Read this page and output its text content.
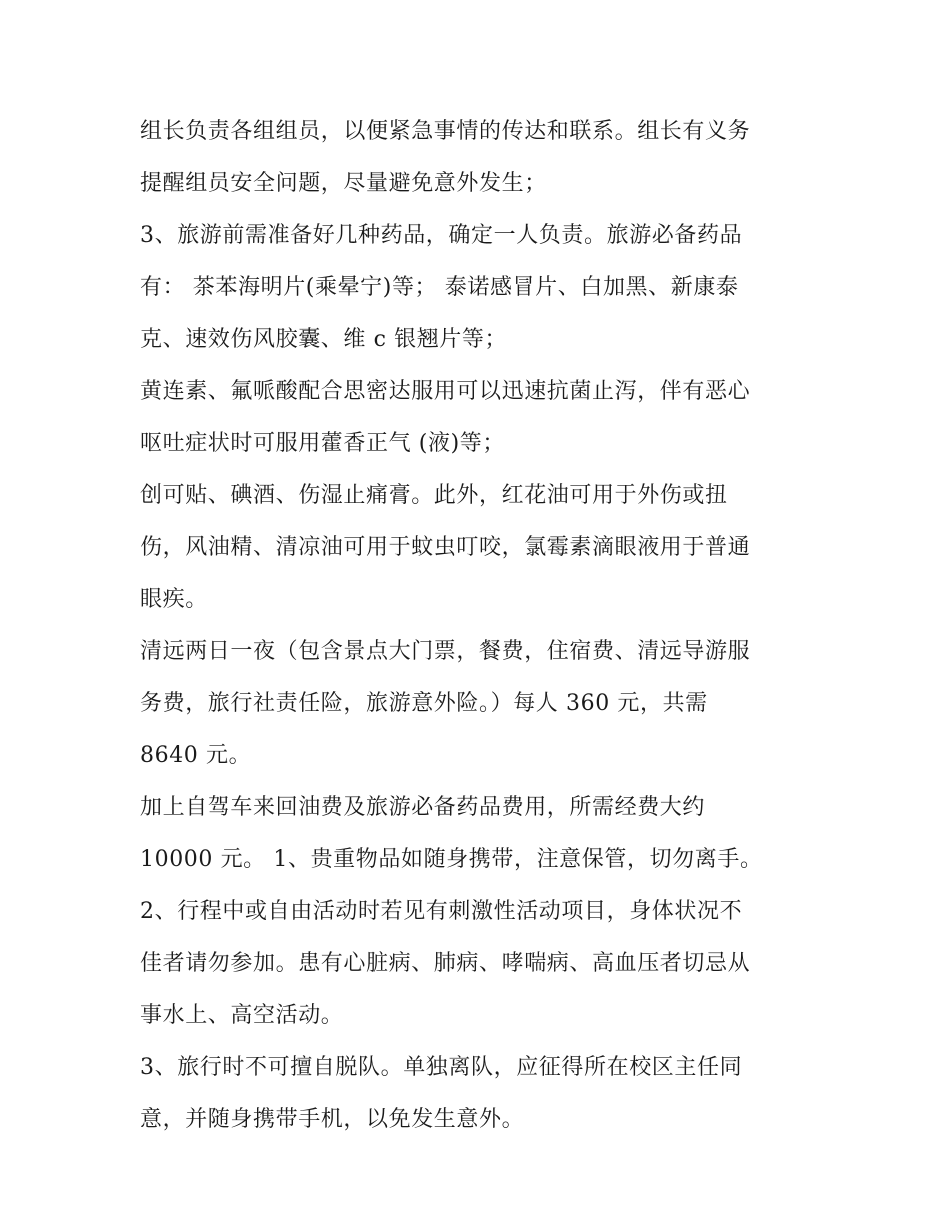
组长负责各组组员，以便紧急事情的传达和联系。组长有义务
提醒组员安全问题，尽量避免意外发生；
3、旅游前需准备好几种药品，确定一人负责。旅游必备药品
有： 茶苯海明片(乘晕宁)等； 泰诺感冒片、白加黑、新康泰
克、速效伤风胶囊、维 c 银翘片等；
黄连素、氟哌酸配合思密达服用可以迅速抗菌止泻，伴有恶心
呕吐症状时可服用藿香正气 (液)等；
创可贴、碘酒、伤湿止痛膏。此外，红花油可用于外伤或扭
伤，风油精、清凉油可用于蚊虫叮咬，氯霉素滴眼液用于普通
眼疾。
清远两日一夜（包含景点大门票，餐费，住宿费、清远导游服
务费，旅行社责任险，旅游意外险。）每人 360 元，共需
8640 元。
加上自驾车来回油费及旅游必备药品费用，所需经费大约
10000 元。 1、贵重物品如随身携带，注意保管，切勿离手。
2、行程中或自由活动时若见有刺激性活动项目，身体状况不
佳者请勿参加。患有心脏病、肺病、哮喘病、高血压者切忌从
事水上、高空活动。
3、旅行时不可擅自脱队。单独离队，应征得所在校区主任同
意，并随身携带手机，以免发生意外。
